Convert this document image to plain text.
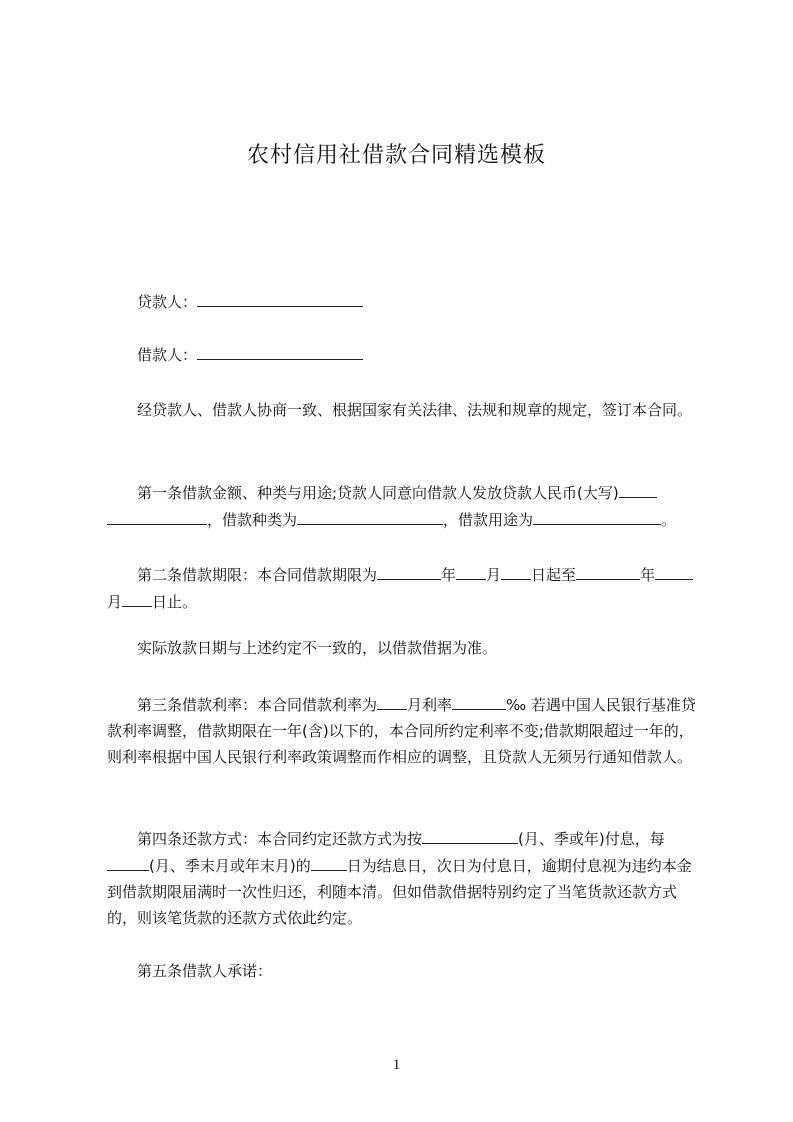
农村信用社借款合同精选模板
贷款人：
借款人：
经贷款人、借款人协商一致、根据国家有关法律、法规和规章的规定，签订本合同。
第一条借款金额、种类与用途;贷款人同意向借款人发放贷款人民币(大写)，借款种类为	，借款用途为	。
第二条借款期限：本合同借款期限为	年 月 日起至	年月 日止。
实际放款日期与上述约定不一致的，以借款借据为准。
第三条借款利率：本合同借款利率为 月利率	‰ 若遇中国人民银行基准贷款利率调整，借款期限在一年(含)以下的，本合同所约定利率不变;借款期限超过一年的，则利率根据中国人民银行利率政策调整而作相应的调整，且贷款人无须另行通知借款人。
第四条还款方式：本合同约定还款方式为按	(月、季或年)付息，每(月、季末月或年末月)的 日为结息日，次日为付息日，逾期付息视为违约本金到借款期限届满时一次性归还，利随本清。但如借款借据特别约定了当笔货款还款方式的，则该笔货款的还款方式依此约定。
第五条借款人承诺：
1
